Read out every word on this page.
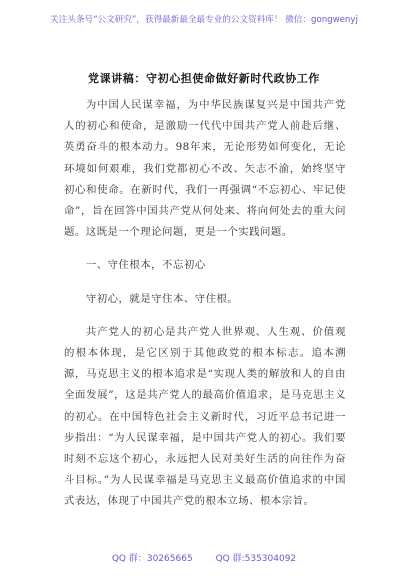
关注头条号“公文研究”，获得最新最全最专业的公文资料库！ 微信：gongwenyj
党课讲稿：守初心担使命做好新时代政协工作

为中国人民谋幸福，为中华民族谋复兴是中国共产党人的初心和使命，是激励一代代中国共产党人前赴后继、英勇奋斗的根本动力。98年来，无论形势如何变化，无论环境如何艰难，我们党都初心不改、矢志不渝，始终坚守初心和使命。在新时代，我们一再强调“不忘初心、牢记使命”，旨在回答中国共产党从何处来、将向何处去的重大问题。这既是一个理论问题，更是一个实践问题。

一、守住根本，不忘初心

守初心，就是守住本、守住根。

共产党人的初心是共产党人世界观、人生观、价值观的根本体现，是它区别于其他政党的根本标志。追本溯源，马克思主义的根本追求是“实现人类的解放和人的自由全面发展”，这是共产党人的最高价值追求，是马克思主义的初心。在中国特色社会主义新时代，习近平总书记进一步指出：“为人民谋幸福，是中国共产党人的初心。我们要时刻不忘这个初心，永远把人民对美好生活的向往作为奋斗目标。”为人民谋幸福是马克思主义最高价值追求的中国式表达，体现了中国共产党的根本立场、根本宗旨。

QQ 群：30265665	QQ 群:535304092
